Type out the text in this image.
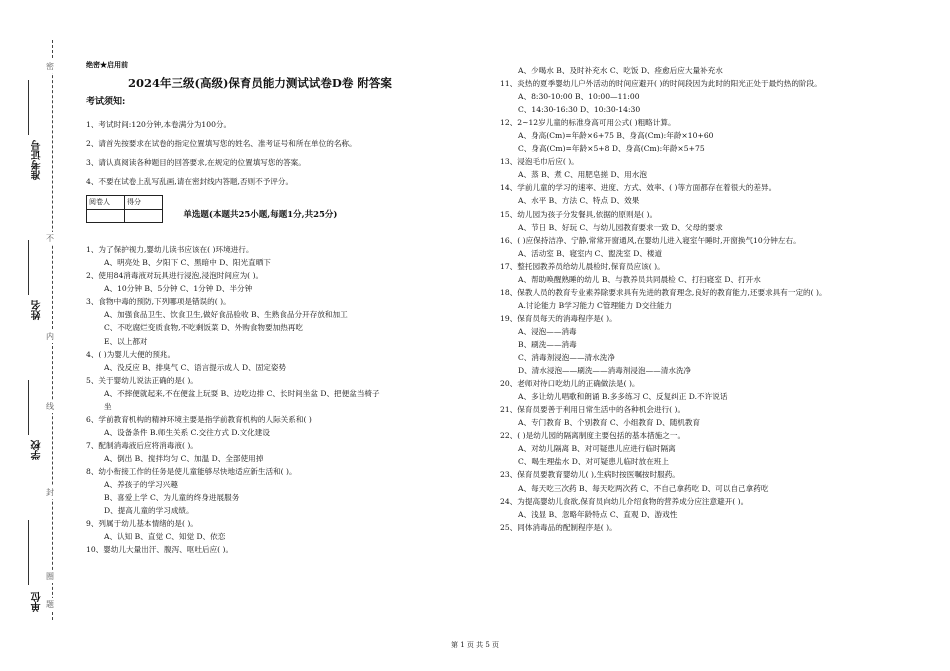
密
不
内
线
封
圈
题
准考证号
姓名
学校
单位
绝密★启用前
2024年三级(高级)保育员能力测试试卷D卷 附答案
考试须知:
1、考试时间:120分钟,本卷满分为100分。
2、请首先按要求在试卷的指定位置填写您的姓名、准考证号和所在单位的名称。
3、请认真阅读各种题目的回答要求,在规定的位置填写您的答案。
4、不要在试卷上乱写乱画,请在密封线内答题,否则不予评分。
阅卷人	得分
	单选题(本题共25小题,每题1分,共25分)
1、为了保护视力,婴幼儿读书应该在( )环境进行。
A、明亮处 B、夕阳下 C、黑暗中 D、阳光直晒下
2、使用84消毒液对玩具进行浸泡,浸泡时间应为( )。
A、10分钟 B、5分钟 C、1分钟 D、半分钟
3、食物中毒的预防,下列哪项是错误的( )。
A、加强食品卫生、饮食卫生,做好食品验收 B、生熟食品分开存放和加工
C、不吃腐烂变质食物,不吃剩饭菜 D、外购食物要加热再吃
E、以上都对
4、( )为婴儿大便的预兆。
A、没反应 B、排臭气 C、语言提示成人 D、固定姿势
5、关于婴幼儿说法正确的是( )。
A、不摔便就起来,不在便盆上玩耍 B、边吃边排 C、长时间坐盆 D、把便盆当椅子
坐
6、学前教育机构的精神环境主要是指学前教育机构的人际关系和( )
A、设备条件 B.师生关系 C.交往方式 D.文化建设
7、配制消毒液后应将消毒液( )。
A、倒出 B、搅拌均匀 C、加温 D、全部使用掉
8、幼小衔接工作的任务是使儿童能够尽快地适应新生活和( )。
A、养孩子的学习兴趣
B、喜爱上学 C、为儿童的终身进展服务
D、提高儿童的学习成绩。
9、列属于幼儿基本情绪的是( )。
A、认知 B、直觉 C、知觉 D、依恋
10、婴幼儿大量出汗、腹泻、呕吐后应( )。
A、少喝水 B、及时补充水 C、吃饭 D、痊愈后应大量补充水
11、炎热的夏季婴幼儿户外活动的时间应避开( )的时间段因为此时的阳光正处于最灼热的阶段。
A、8:30-10:00 B、10:00—11:00
C、14:30-16:30 D、10:30-14:30
12、2~12岁儿童的标准身高可用公式( )粗略计算。
A、身高(Cm)=年龄×6+75 B、身高(Cm):年龄×10+60
C、身高(Cm)=年龄×5+8 D、身高(Cm):年龄×5+75
13、浸泡毛巾后应( )。
A、蒸 B、煮 C、用肥皂搓 D、用水泡
14、学前儿童的学习的速率、进度、方式、效率、( )等方面都存在着很大的差异。
A、水平 B、方法 C、特点 D、效果
15、幼儿园为孩子分发餐具,依据的原则是( )。
A、节日 B、好玩 C、与幼儿园教育要求一致 D、父母的要求
16、( )应保持洁净、宁静,常常开窗通风,在婴幼儿进入寝室午睡时,开窗换气10分钟左右。
A、活动室 B、寝室内 C、盥洗室 D、楼道
17、整托园教养员给幼儿晨检时,保育员应该( )。
A、帮助唤醒熟睡的幼儿 B、与教养员共同晨检 C、打扫寝室 D、打开水
18、保教人员的教育专业素养除要求具有先进的教育理念,良好的教育能力,还要求具有一定的( )。
A.讨论能力 B学习能力 C管理能力 D交往能力
19、保育员每天的消毒程序是( )。
A、浸泡——消毒
B、刷洗——消毒
C、消毒剂浸泡——清水洗净
D、清水浸泡——刷洗——消毒剂浸泡——清水洗净
20、老师对待口吃幼儿的正确做法是( )。
A、多让幼儿唱歌和朗诵 B.多多练习 C、反复纠正 D.不许说话
21、保育员要善于利用日常生活中的各种机会进行( )。
A、专门教育 B、个别教育 C、小组教育 D、随机教育
22、( )是幼儿园的隔离制度主要包括的基本措施之一。
A、对幼儿隔离 B、对可疑患儿应进行临时隔离
C、喝生理盐水 D、对可疑患儿临时放在班上
23、保育员要教育婴幼儿( ),生病时按医嘱按时服药。
A、每天吃三次药 B、每天吃两次药 C、不自己拿药吃 D、可以自己拿药吃
24、为提高婴幼儿食欲,保育员向幼儿介绍食物的营养成分应注意避开( )。
A、浅显 B、忽略年龄特点 C、直观 D、游戏性
25、同体消毒品的配制程序是( )。
第 1 页 共 5 页
